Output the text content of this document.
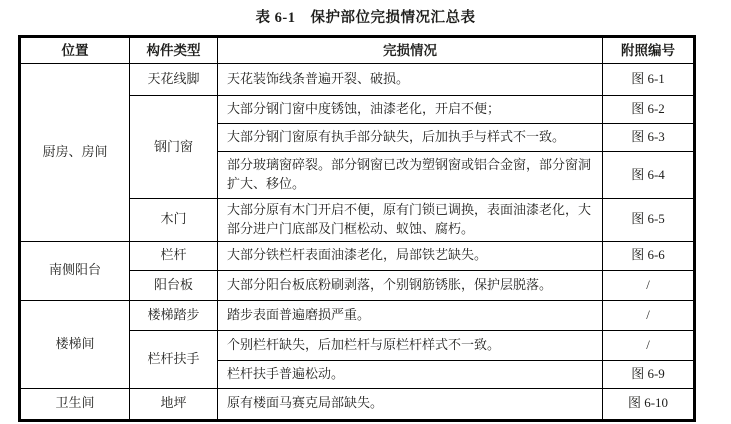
表 6-1　保护部位完损情况汇总表
位置	构件类型	完损情况	附照编号
厨房、房间	天花线脚	天花装饰线条普遍开裂、破损。	图 6-1
	钢门窗	大部分钢门窗中度锈蚀，油漆老化，开启不便；	图 6-2
		大部分钢门窗原有执手部分缺失，后加执手与样式不一致。	图 6-3
		部分玻璃窗碎裂。部分钢窗已改为塑钢窗或铝合金窗，部分窗洞扩大、移位。	图 6-4
	木门	大部分原有木门开启不便，原有门锁已调换，表面油漆老化，大部分进户门底部及门框松动、蚁蚀、腐朽。	图 6-5
南侧阳台	栏杆	大部分铁栏杆表面油漆老化，局部铁艺缺失。	图 6-6
	阳台板	大部分阳台板底粉刷剥落，个别钢筋锈胀，保护层脱落。	/
楼梯间	楼梯踏步	踏步表面普遍磨损严重。	/
	栏杆扶手	个别栏杆缺失，后加栏杆与原栏杆样式不一致。	/
		栏杆扶手普遍松动。	图 6-9
卫生间	地坪	原有楼面马赛克局部缺失。	图 6-10
